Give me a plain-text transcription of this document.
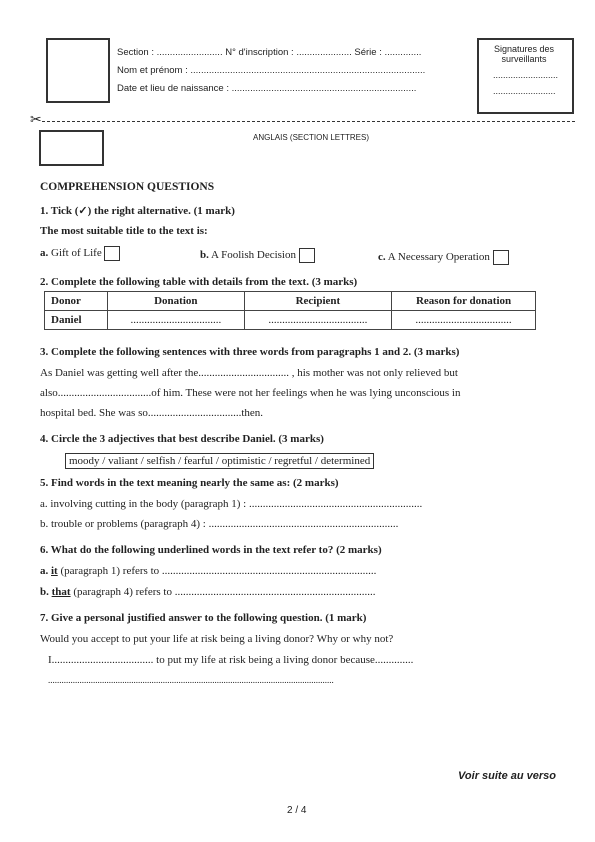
Section : ......................... N° d'inscription : ..................... Série : ..............
Nom et prénom : .........................................................................................
Date et lieu de naissance : ......................................................................
Signatures des surveillants
..........................
.........................
✂
ANGLAIS (SECTION LETTRES)
COMPREHENSION QUESTIONS
1. Tick (✓) the right alternative. (1 mark)
The most suitable title to the text is:
a. Gift of Life	b. A Foolish Decision	c. A Necessary Operation
2. Complete the following table with details from the text. (3 marks)
Donor	Donation	Recipient	Reason for donation
Daniel	.................................	....................................	...................................
3. Complete the following sentences with three words from paragraphs 1 and 2. (3 marks)
As Daniel was getting well after the................................. , his mother was not only relieved but
also..................................of him. These were not her feelings when he was lying unconscious in
hospital bed. She was so..................................then.
4. Circle the 3 adjectives that best describe Daniel. (3 marks)
moody / valiant / selfish / fearful / optimistic / regretful / determined
5. Find words in the text meaning nearly the same as: (2 marks)
a. involving cutting in the body (paragraph 1) : ...............................................................
b. trouble or problems (paragraph 4) : .....................................................................
6. What do the following underlined words in the text refer to? (2 marks)
a. it (paragraph 1) refers to ..............................................................................
b. that (paragraph 4) refers to .........................................................................
7. Give a personal justified answer to the following question. (1 mark)
Would you accept to put your life at risk being a living donor? Why or why not?
I..................................... to put my life at risk being a living donor because..............
...............................................................................................................................
Voir suite au verso
2 / 4
